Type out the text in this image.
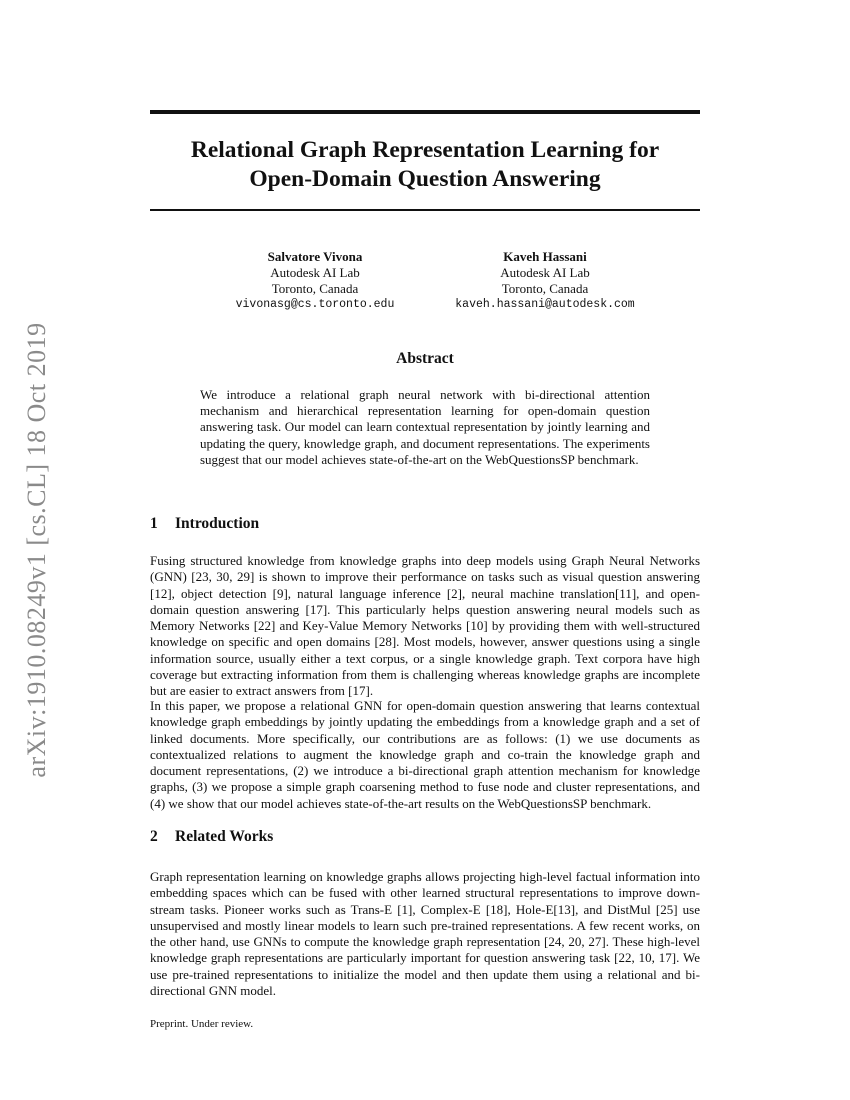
arXiv:1910.08249v1 [cs.CL] 18 Oct 2019
Relational Graph Representation Learning for
Open-Domain Question Answering
Salvatore Vivona
Autodesk AI Lab
Toronto, Canada
vivonasg@cs.toronto.edu
Kaveh Hassani
Autodesk AI Lab
Toronto, Canada
kaveh.hassani@autodesk.com
Abstract

We introduce a relational graph neural network with bi-directional attention mechanism and hierarchical representation learning for open-domain question answering task. Our model can learn contextual representation by jointly learning and updating the query, knowledge graph, and document representations. The experiments suggest that our model achieves state-of-the-art on the WebQuestionsSP benchmark.

1 Introduction

Fusing structured knowledge from knowledge graphs into deep models using Graph Neural Networks (GNN) [23, 30, 29] is shown to improve their performance on tasks such as visual question answering [12], object detection [9], natural language inference [2], neural machine translation[11], and open-domain question answering [17]. This particularly helps question answering neural models such as Memory Networks [22] and Key-Value Memory Networks [10] by providing them with well-structured knowledge on specific and open domains [28]. Most models, however, answer questions using a single information source, usually either a text corpus, or a single knowledge graph. Text corpora have high coverage but extracting information from them is challenging whereas knowledge graphs are incomplete but are easier to extract answers from [17].

In this paper, we propose a relational GNN for open-domain question answering that learns contextual knowledge graph embeddings by jointly updating the embeddings from a knowledge graph and a set of linked documents. More specifically, our contributions are as follows: (1) we use documents as contextualized relations to augment the knowledge graph and co-train the knowledge graph and document representations, (2) we introduce a bi-directional graph attention mechanism for knowledge graphs, (3) we propose a simple graph coarsening method to fuse node and cluster representations, and (4) we show that our model achieves state-of-the-art results on the WebQuestionsSP benchmark.

2 Related Works

Graph representation learning on knowledge graphs allows projecting high-level factual information into embedding spaces which can be fused with other learned structural representations to improve down-stream tasks. Pioneer works such as Trans-E [1], Complex-E [18], Hole-E[13], and DistMul [25] use unsupervised and mostly linear models to learn such pre-trained representations. A few recent works, on the other hand, use GNNs to compute the knowledge graph representation [24, 20, 27]. These high-level knowledge graph representations are particularly important for question answering task [22, 10, 17]. We use pre-trained representations to initialize the model and then update them using a relational and bi-directional GNN model.

Preprint. Under review.
